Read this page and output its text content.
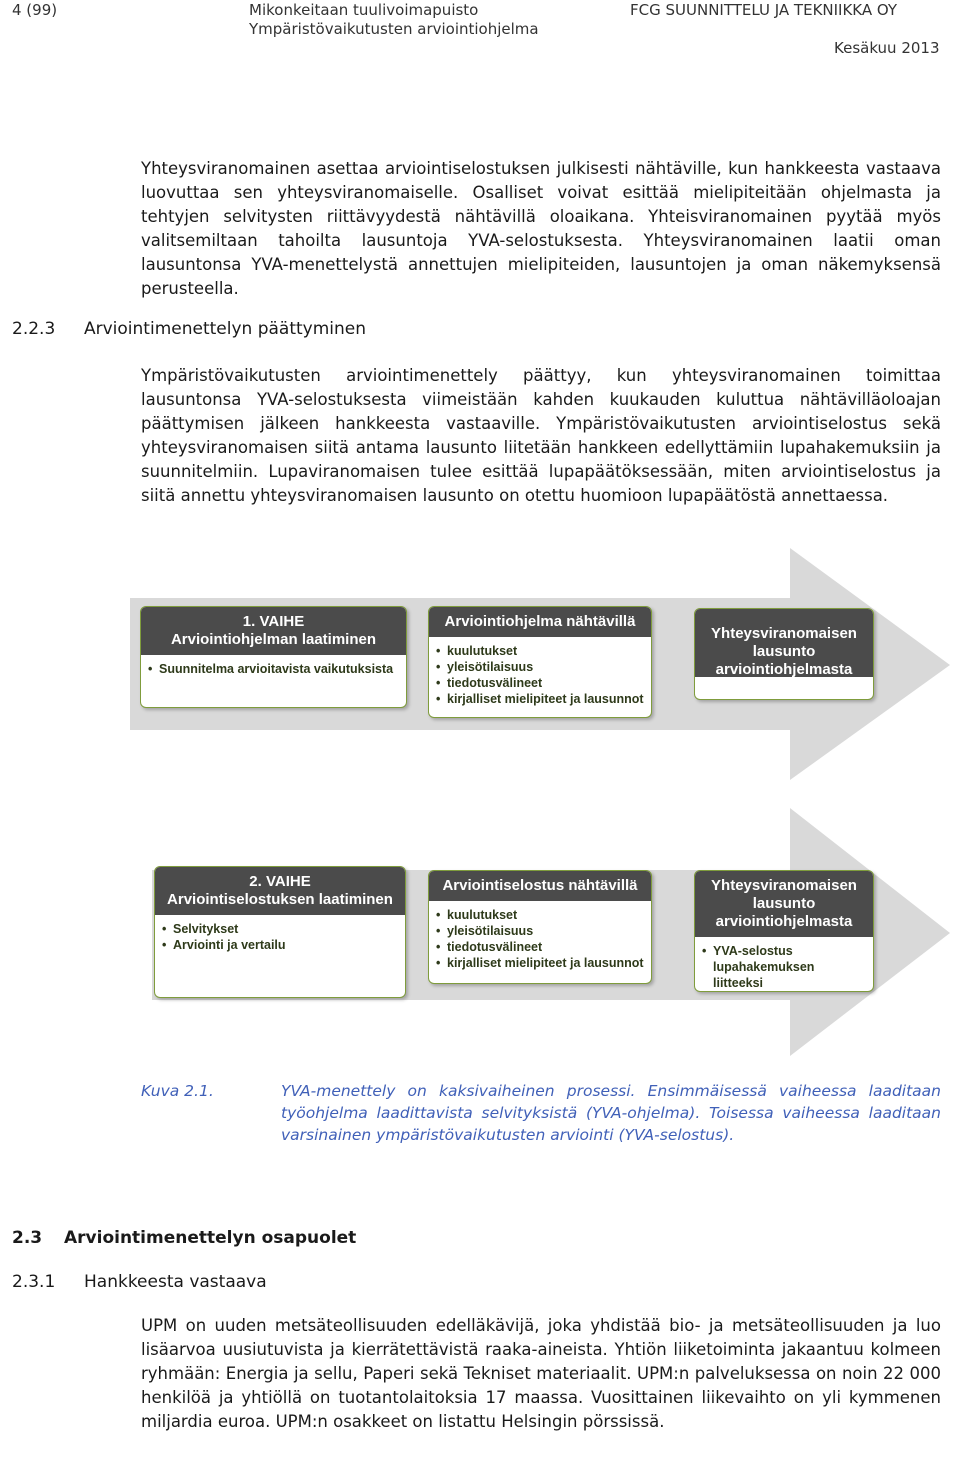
4 (99)	Mikonkeitaan tuulivoimapuisto
Ympäristövaikutusten arviointiohjelma
FCG SUUNNITTELU JA TEKNIIKKA OY
Kesäkuu 2013

Yhteysviranomainen asettaa arviointiselostuksen julkisesti nähtäville, kun hankkeesta vastaava luovuttaa sen yhteysviranomaiselle. Osalliset voivat esittää mielipiteitään ohjelmasta ja tehtyjen selvitysten riittävyydestä nähtävillä oloaikana. Yhteisviranomainen pyytää myös valitsemiltaan tahoilta lausuntoja YVA-selostuksesta. Yhteysviranomainen laatii oman lausuntonsa YVA-menettelystä annettujen mielipiteiden, lausuntojen ja oman näkemyksensä perusteella.

2.2.3 Arviointimenettelyn päättyminen

Ympäristövaikutusten arviointimenettely päättyy, kun yhteysviranomainen toimittaa lausuntonsa YVA-selostuksesta viimeistään kahden kuukauden kuluttua nähtävilläoloajan päättymisen jälkeen hankkeesta vastaaville. Ympäristövaikutusten arviointiselostus sekä yhteysviranomaisen siitä antama lausunto liitetään hankkeen edellyttämiin lupahakemuksiin ja suunnitelmiin. Lupaviranomaisen tulee esittää lupapäätöksessään, miten arviointiselostus ja siitä annettu yhteysviranomaisen lausunto on otettu huomioon lupapäätöstä annettaessa.

1. VAIHE
Arviointiohjelman laatiminen
• Suunnitelma arvioitavista vaikutuksista
Arviointiohjelma nähtävillä
• kuulutukset
• yleisötilaisuus
• tiedotusvälineet
• kirjalliset mielipiteet ja lausunnot
Yhteysviranomaisen lausunto arviointiohjelmasta
2. VAIHE
Arviointiselostuksen laatiminen
• Selvitykset
• Arviointi ja vertailu
Arviointiselostus nähtävillä
• kuulutukset
• yleisötilaisuus
• tiedotusvälineet
• kirjalliset mielipiteet ja lausunnot
Yhteysviranomaisen lausunto arviointiohjelmasta
• YVA-selostus lupahakemuksen liitteeksi
Kuva 2.1.	YVA-menettely on kaksivaiheinen prosessi. Ensimmäisessä vaiheessa laaditaan työohjelma laadittavista selvityksistä (YVA-ohjelma). Toisessa vaiheessa laaditaan varsinainen ympäristövaikutusten arviointi (YVA-selostus).
2.3 Arviointimenettelyn osapuolet
2.3.1 Hankkeesta vastaava

UPM on uuden metsäteollisuuden edelläkävijä, joka yhdistää bio- ja metsäteollisuuden ja luo lisäarvoa uusiutuvista ja kierrätettävistä raaka-aineista. Yhtiön liiketoiminta jakaantuu kolmeen ryhmään: Energia ja sellu, Paperi sekä Tekniset materiaalit. UPM:n palveluksessa on noin 22 000 henkilöä ja yhtiöllä on tuotantolaitoksia 17 maassa. Vuosittainen liikevaihto on yli kymmenen miljardia euroa. UPM:n osakkeet on listattu Helsingin pörssissä.
